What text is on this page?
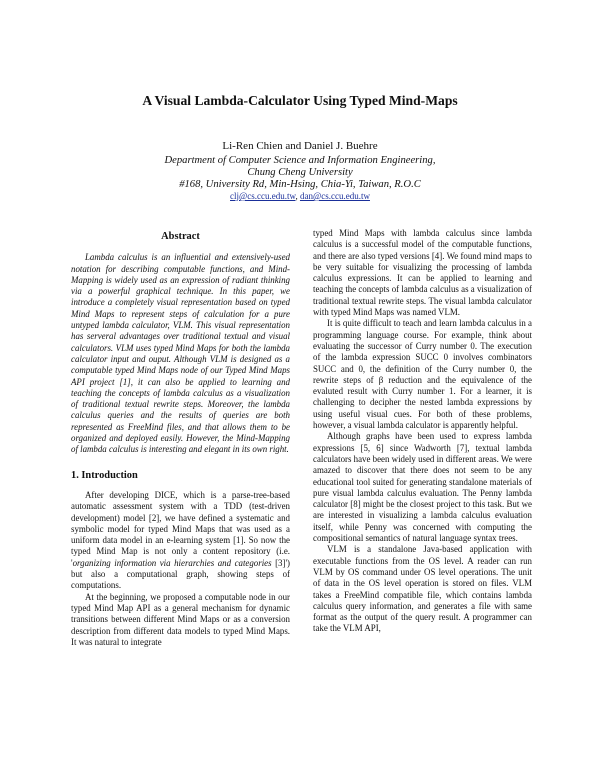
A Visual Lambda-Calculator Using Typed Mind-Maps
Li-Ren Chien and Daniel J. Buehre
Department of Computer Science and Information Engineering,
Chung Cheng University
#168, University Rd, Min-Hsing, Chia-Yi, Taiwan, R.O.C
clj@cs.ccu.edu.tw, dan@cs.ccu.edu.tw
Abstract

Lambda calculus is an influential and extensively-used notation for describing computable functions, and Mind-Mapping is widely used as an expression of radiant thinking via a powerful graphical technique. In this paper, we introduce a completely visual representation based on typed Mind Maps to represent steps of calculation for a pure untyped lambda calculator, VLM. This visual representation has serveral advantages over traditional textual and visual calculators. VLM uses typed Mind Maps for both the lambda calculator input and ouput. Although VLM is designed as a computable typed Mind Maps node of our Typed Mind Maps API project [1], it can also be applied to learning and teaching the concepts of lambda calculus as a visualization of traditional textual rewrite steps. Moreover, the lambda calculus queries and the results of queries are both represented as FreeMind files, and that allows them to be organized and deployed easily. However, the Mind-Mapping of lambda calculus is interesting and elegant in its own right.

1. Introduction

After developing DICE, which is a parse-tree-based automatic assessment system with a TDD (test-driven development) model [2], we have defined a systematic and symbolic model for typed Mind Maps that was used as a uniform data model in an e-learning system [1]. So now the typed Mind Map is not only a content repository (i.e. 'organizing information via hierarchies and categories [3]') but also a computational graph, showing steps of computations.

At the beginning, we proposed a computable node in our typed Mind Map API as a general mechanism for dynamic transitions between different Mind Maps or as a conversion description from different data models to typed Mind Maps. It was natural to integrate

typed Mind Maps with lambda calculus since lambda calculus is a successful model of the computable functions, and there are also typed versions [4]. We found mind maps to be very suitable for visualizing the processing of lambda calculus expressions. It can be applied to learning and teaching the concepts of lambda calculus as a visualization of traditional textual rewrite steps. The visual lambda calculator with typed Mind Maps was named VLM.

It is quite difficult to teach and learn lambda calculus in a programming language course. For example, think about evaluating the successor of Curry number 0. The execution of the lambda expression SUCC 0 involves combinators SUCC and 0, the definition of the Curry number 0, the rewrite steps of β reduction and the equivalence of the evaluted result with Curry number 1. For a learner, it is challenging to decipher the nested lambda expressions by using useful visual cues. For both of these problems, however, a visual lambda calculator is apparently helpful.

Although graphs have been used to express lambda expressions [5, 6] since Wadworth [7], textual lambda calculators have been widely used in different areas. We were amazed to discover that there does not seem to be any educational tool suited for generating standalone materials of pure visual lambda calculus evaluation. The Penny lambda calculator [8] might be the closest project to this task. But we are interested in visualizing a lambda calculus evaluation itself, while Penny was concerned with computing the compositional semantics of natural language syntax trees.

VLM is a standalone Java-based application with executable functions from the OS level. A reader can run VLM by OS command under OS level operations. The unit of data in the OS level operation is stored on files. VLM takes a FreeMind compatible file, which contains lambda calculus query information, and generates a file with same format as the output of the query result. A programmer can take the VLM API,
